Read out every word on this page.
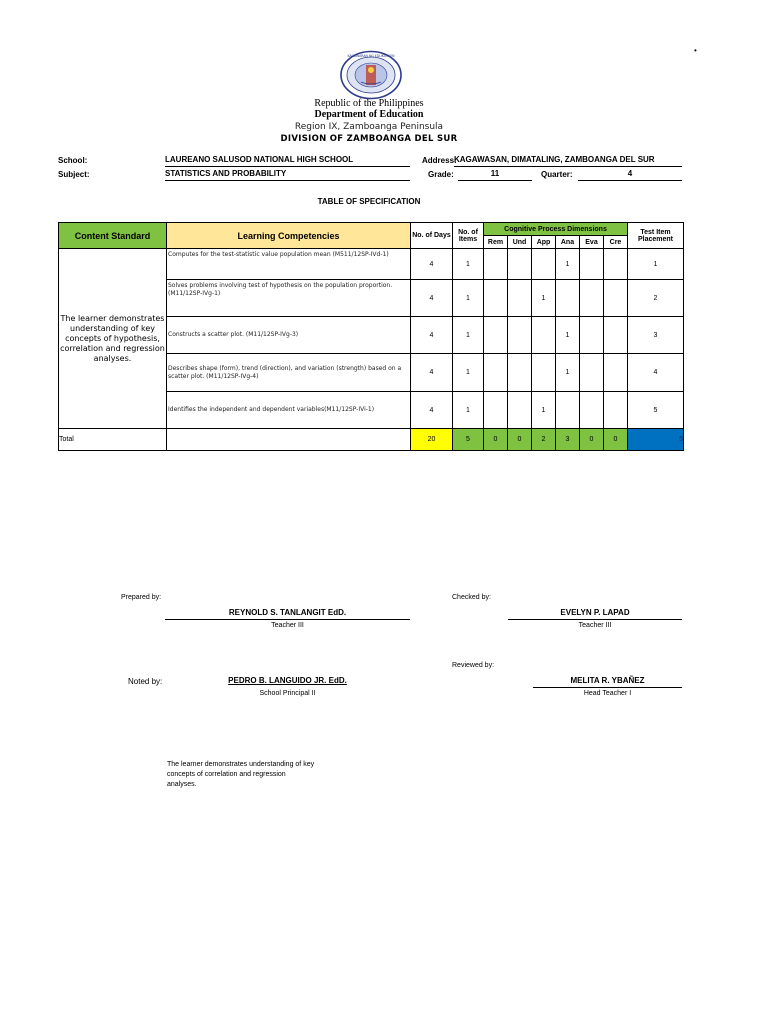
•
KAGAWARAN NG EDUKASYON
Republic of the Philippines
Department of Education
Region IX, Zamboanga Peninsula
DIVISION OF ZAMBOANGA DEL SUR
School:	LAUREANO SALUSOD NATIONAL HIGH SCHOOL	Address:
KAGAWASAN, DIMATALING, ZAMBOANGA DEL SUR
Subject:	STATISTICS AND PROBABILITY	Grade:	11	Quarter:	4
TABLE OF SPECIFICATION
Content Standard	Learning Competencies	No. of Days	No. of Items	Cognitive Process Dimensions						Test Item Placement
				Rem	Und	App	Ana	Eva	Cre	
The learner demonstrates understanding of key concepts of hypothesis, correlation and regression analyses.	Computes for the test-statistic value population mean (M511/12SP-IVd-1)	4	1				1			1
	Solves problems involving test of hypothesis on the population proportion. (M11/12SP-IVg-1)	4	1			1				2
	Constructs a scatter plot. (M11/12SP-IVg-3)	4	1				1			3
	Describes shape (form), trend (direction), and variation (strength) based on a scatter plot. (M11/12SP-IVg-4)	4	1				1			4
	Identifies the independent and dependent variables(M11/12SP-IVi-1)	4	1			1				5
Total		20	5	0	0	2	3	0	0	5
Prepared by:
REYNOLD S. TANLANGIT EdD.
Teacher III
Checked by:
EVELYN P. LAPAD
Teacher III
Reviewed by:
Noted by:	PEDRO B. LANGUIDO JR. EdD.
School Principal II
MELITA R. YBAÑEZ
Head Teacher I
The learner demonstrates understanding of key concepts of correlation and regression analyses.
